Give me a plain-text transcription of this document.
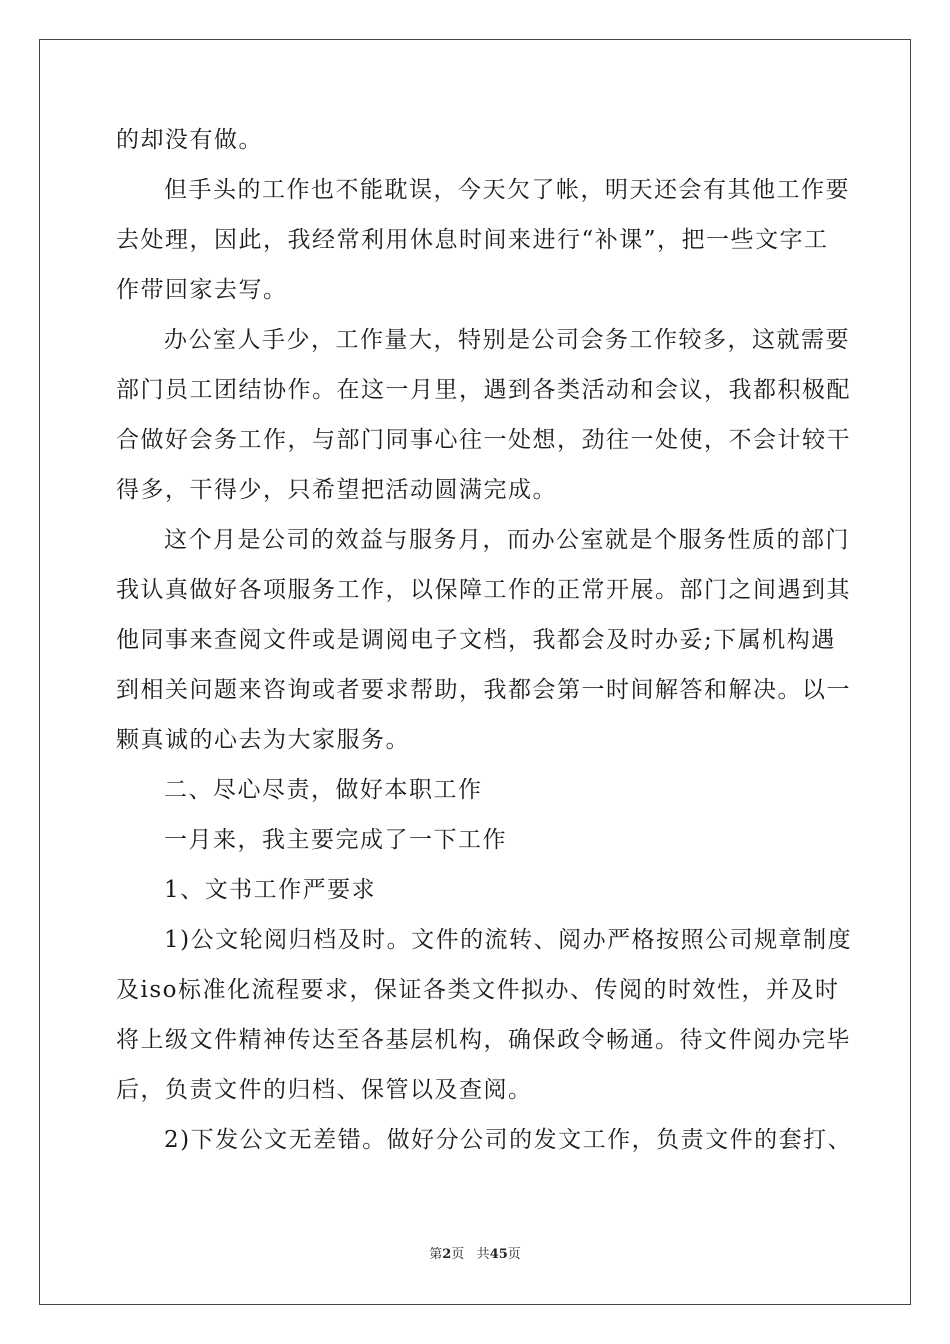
的却没有做。
但手头的工作也不能耽误，今天欠了帐，明天还会有其他工作要
去处理，因此，我经常利用休息时间来进行“补课”，把一些文字工
作带回家去写。
办公室人手少，工作量大，特别是公司会务工作较多，这就需要
部门员工团结协作。在这一月里，遇到各类活动和会议，我都积极配
合做好会务工作，与部门同事心往一处想，劲往一处使，不会计较干
得多，干得少，只希望把活动圆满完成。
这个月是公司的效益与服务月，而办公室就是个服务性质的部门
我认真做好各项服务工作，以保障工作的正常开展。部门之间遇到其
他同事来查阅文件或是调阅电子文档，我都会及时办妥;下属机构遇
到相关问题来咨询或者要求帮助，我都会第一时间解答和解决。以一
颗真诚的心去为大家服务。
二、尽心尽责，做好本职工作
一月来，我主要完成了一下工作
1、文书工作严要求
1)公文轮阅归档及时。文件的流转、阅办严格按照公司规章制度
及iso标准化流程要求，保证各类文件拟办、传阅的时效性，并及时
将上级文件精神传达至各基层机构，确保政令畅通。待文件阅办完毕
后，负责文件的归档、保管以及查阅。
2)下发公文无差错。做好分公司的发文工作，负责文件的套打、
第2页 共45页
